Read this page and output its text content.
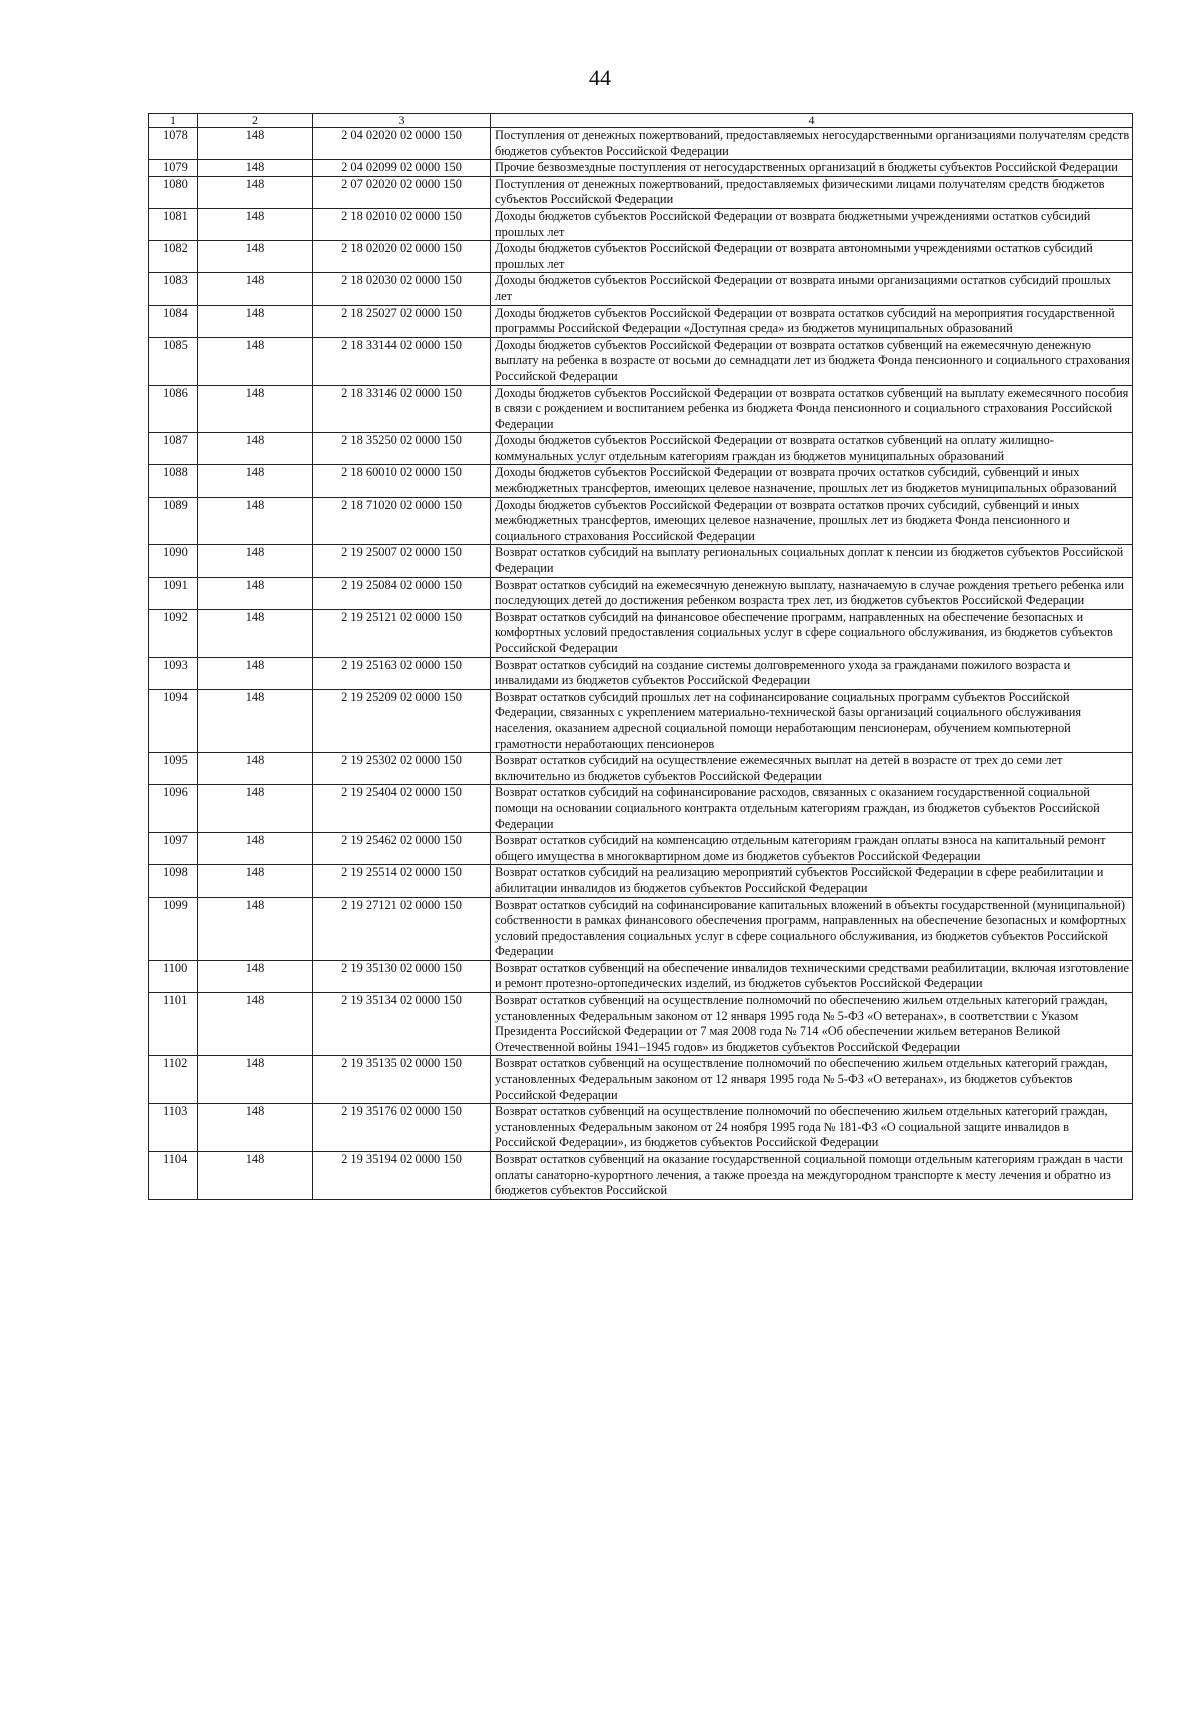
44
1	2	3	4
1078	148	2 04 02020 02 0000 150	Поступления от денежных пожертвований, предоставляемых негосударственными организациями получателям средств бюджетов субъектов Российской Федерации
1079	148	2 04 02099 02 0000 150	Прочие безвозмездные поступления от негосударственных организаций в бюджеты субъектов Российской Федерации
1080	148	2 07 02020 02 0000 150	Поступления от денежных пожертвований, предоставляемых физическими лицами получателям средств бюджетов субъектов Российской Федерации
1081	148	2 18 02010 02 0000 150	Доходы бюджетов субъектов Российской Федерации от возврата бюджетными учреждениями остатков субсидий прошлых лет
1082	148	2 18 02020 02 0000 150	Доходы бюджетов субъектов Российской Федерации от возврата автономными учреждениями остатков субсидий прошлых лет
1083	148	2 18 02030 02 0000 150	Доходы бюджетов субъектов Российской Федерации от возврата иными организациями остатков субсидий прошлых лет
1084	148	2 18 25027 02 0000 150	Доходы бюджетов субъектов Российской Федерации от возврата остатков субсидий на мероприятия государственной программы Российской Федерации «Доступная среда» из бюджетов муниципальных образований
1085	148	2 18 33144 02 0000 150	Доходы бюджетов субъектов Российской Федерации от возврата остатков субвенций на ежемесячную денежную выплату на ребенка в возрасте от восьми до семнадцати лет из бюджета Фонда пенсионного и социального страхования Российской Федерации
1086	148	2 18 33146 02 0000 150	Доходы бюджетов субъектов Российской Федерации от возврата остатков субвенций на выплату ежемесячного пособия в связи с рождением и воспитанием ребенка из бюджета Фонда пенсионного и социального страхования Российской Федерации
1087	148	2 18 35250 02 0000 150	Доходы бюджетов субъектов Российской Федерации от возврата остатков субвенций на оплату жилищно-коммунальных услуг отдельным категориям граждан из бюджетов муниципальных образований
1088	148	2 18 60010 02 0000 150	Доходы бюджетов субъектов Российской Федерации от возврата прочих остатков субсидий, субвенций и иных межбюджетных трансфертов, имеющих целевое назначение, прошлых лет из бюджетов муниципальных образований
1089	148	2 18 71020 02 0000 150	Доходы бюджетов субъектов Российской Федерации от возврата остатков прочих субсидий, субвенций и иных межбюджетных трансфертов, имеющих целевое назначение, прошлых лет из бюджета Фонда пенсионного и социального страхования Российской Федерации
1090	148	2 19 25007 02 0000 150	Возврат остатков субсидий на выплату региональных социальных доплат к пенсии из бюджетов субъектов Российской Федерации
1091	148	2 19 25084 02 0000 150	Возврат остатков субсидий на ежемесячную денежную выплату, назначаемую в случае рождения третьего ребенка или последующих детей до достижения ребенком возраста трех лет, из бюджетов субъектов Российской Федерации
1092	148	2 19 25121 02 0000 150	Возврат остатков субсидий на финансовое обеспечение программ, направленных на обеспечение безопасных и комфортных условий предоставления социальных услуг в сфере социального обслуживания, из бюджетов субъектов Российской Федерации
1093	148	2 19 25163 02 0000 150	Возврат остатков субсидий на создание системы долговременного ухода за гражданами пожилого возраста и инвалидами из бюджетов субъектов Российской Федерации
1094	148	2 19 25209 02 0000 150	Возврат остатков субсидий прошлых лет на софинансирование социальных программ субъектов Российской Федерации, связанных с укреплением материально-технической базы организаций социального обслуживания населения, оказанием адресной социальной помощи неработающим пенсионерам, обучением компьютерной грамотности неработающих пенсионеров
1095	148	2 19 25302 02 0000 150	Возврат остатков субсидий на осуществление ежемесячных выплат на детей в возрасте от трех до семи лет включительно из бюджетов субъектов Российской Федерации
1096	148	2 19 25404 02 0000 150	Возврат остатков субсидий на софинансирование расходов, связанных с оказанием государственной социальной помощи на основании социального контракта отдельным категориям граждан, из бюджетов субъектов Российской Федерации
1097	148	2 19 25462 02 0000 150	Возврат остатков субсидий на компенсацию отдельным категориям граждан оплаты взноса на капитальный ремонт общего имущества в многоквартирном доме из бюджетов субъектов Российской Федерации
1098	148	2 19 25514 02 0000 150	Возврат остатков субсидий на реализацию мероприятий субъектов Российской Федерации в сфере реабилитации и абилитации инвалидов из бюджетов субъектов Российской Федерации
1099	148	2 19 27121 02 0000 150	Возврат остатков субсидий на софинансирование капитальных вложений в объекты государственной (муниципальной) собственности в рамках финансового обеспечения программ, направленных на обеспечение безопасных и комфортных условий предоставления социальных услуг в сфере социального обслуживания, из бюджетов субъектов Российской Федерации
1100	148	2 19 35130 02 0000 150	Возврат остатков субвенций на обеспечение инвалидов техническими средствами реабилитации, включая изготовление и ремонт протезно-ортопедических изделий, из бюджетов субъектов Российской Федерации
1101	148	2 19 35134 02 0000 150	Возврат остатков субвенций на осуществление полномочий по обеспечению жильем отдельных категорий граждан, установленных Федеральным законом от 12 января 1995 года № 5-ФЗ «О ветеранах», в соответствии с Указом Президента Российской Федерации от 7 мая 2008 года № 714 «Об обеспечении жильем ветеранов Великой Отечественной войны 1941–1945 годов» из бюджетов субъектов Российской Федерации
1102	148	2 19 35135 02 0000 150	Возврат остатков субвенций на осуществление полномочий по обеспечению жильем отдельных категорий граждан, установленных Федеральным законом от 12 января 1995 года № 5-ФЗ «О ветеранах», из бюджетов субъектов Российской Федерации
1103	148	2 19 35176 02 0000 150	Возврат остатков субвенций на осуществление полномочий по обеспечению жильем отдельных категорий граждан, установленных Федеральным законом от 24 ноября 1995 года № 181-ФЗ «О социальной защите инвалидов в Российской Федерации», из бюджетов субъектов Российской Федерации
1104	148	2 19 35194 02 0000 150	Возврат остатков субвенций на оказание государственной социальной помощи отдельным категориям граждан в части оплаты санаторно-курортного лечения, а также проезда на междугородном транспорте к месту лечения и обратно из бюджетов субъектов Российской
